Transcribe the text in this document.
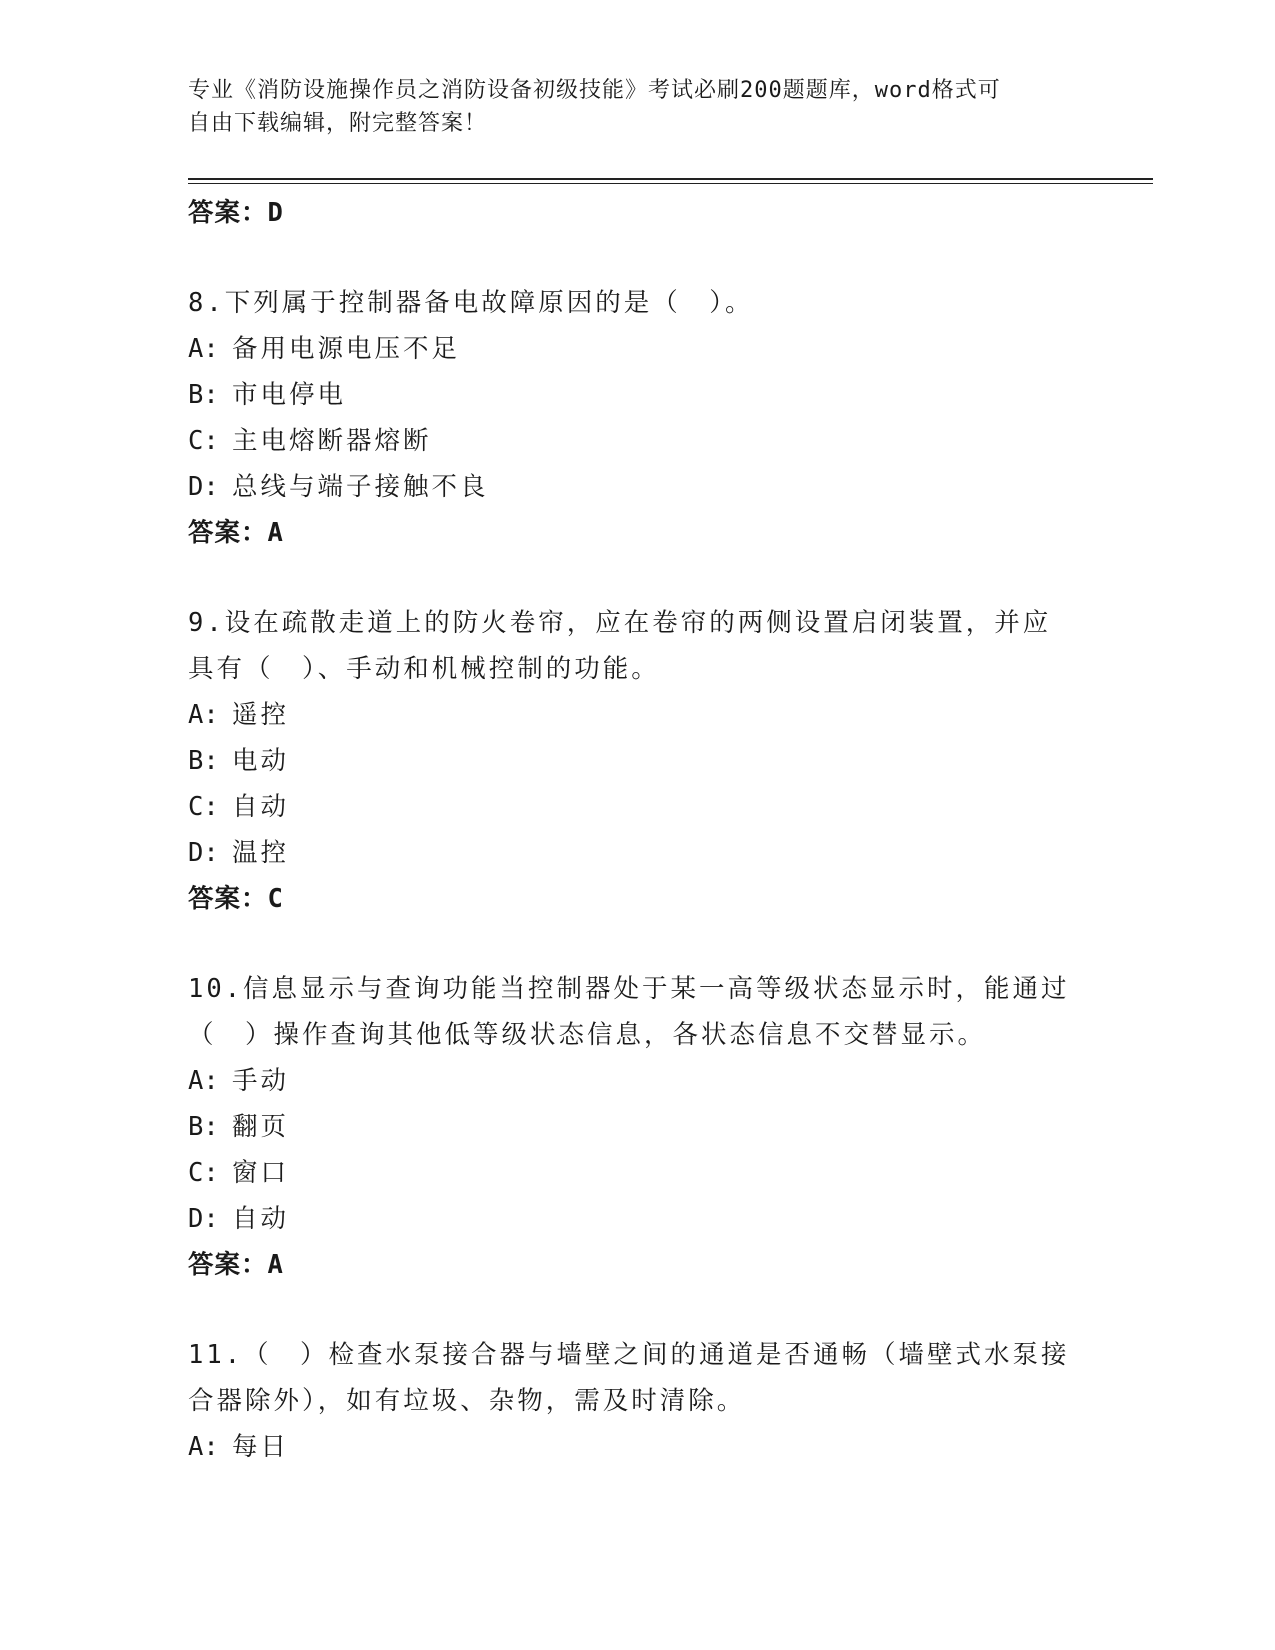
专业《消防设施操作员之消防设备初级技能》考试必刷200题题库，word格式可
自由下载编辑，附完整答案！
答案：D
8.下列属于控制器备电故障原因的是（　）。
A: 备用电源电压不足
B: 市电停电
C: 主电熔断器熔断
D: 总线与端子接触不良
答案：A
9.设在疏散走道上的防火卷帘，应在卷帘的两侧设置启闭装置，并应
具有（　）、手动和机械控制的功能。
A: 遥控
B: 电动
C: 自动
D: 温控
答案：C
10.信息显示与查询功能当控制器处于某一高等级状态显示时，能通过
（　）操作查询其他低等级状态信息，各状态信息不交替显示。
A: 手动
B: 翻页
C: 窗口
D: 自动
答案：A
11.（　）检查水泵接合器与墙壁之间的通道是否通畅（墙壁式水泵接
合器除外），如有垃圾、杂物，需及时清除。
A: 每日
